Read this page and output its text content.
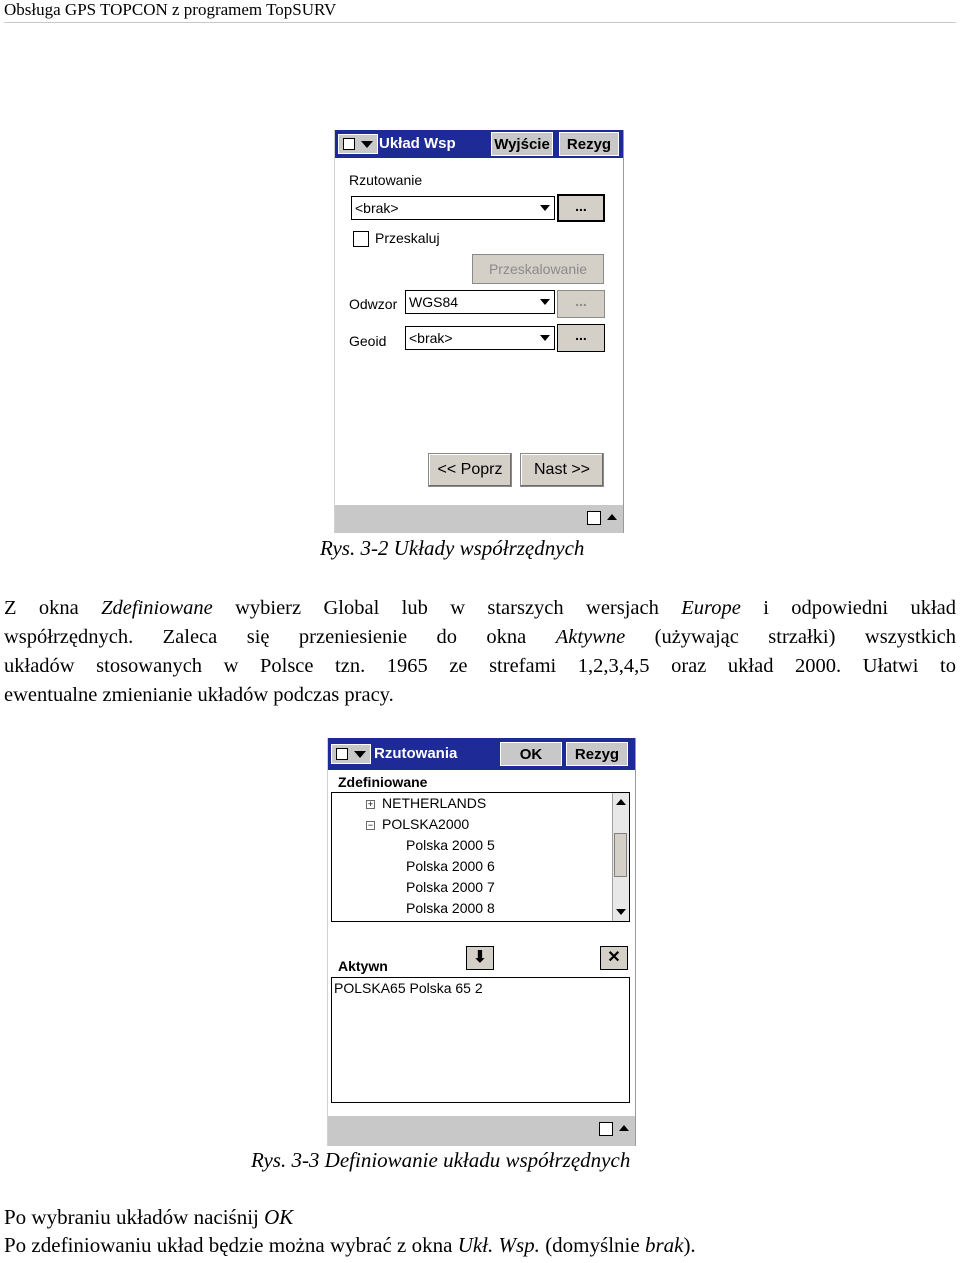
Obsługa GPS TOPCON z programem TopSURV
Układ Wsp	Wyjście	Rezyg
Rzutowanie
<brak>	...
Przeskaluj
Przeskalowanie
Odwzor WGS84	...
Geoid <brak>	...
<< Poprz	Nast >>
Rys. 3-2 Układy współrzędnych
Z okna Zdefiniowane wybierz Global lub w starszych wersjach Europe i odpowiedni układ
współrzędnych. Zaleca się przeniesienie do okna Aktywne (używając strzałki) wszystkich
układów stosowanych w Polsce tzn. 1965 ze strefami 1,2,3,4,5 oraz układ 2000. Ułatwi to
ewentualne zmienianie układów podczas pracy.
Rzutowania	OK	Rezyg
Zdefiniowane
+ NETHERLANDS
− POLSKA2000
Polska 2000 5
Polska 2000 6
Polska 2000 7
Polska 2000 8
Aktywn	⬇	✕
POLSKA65 Polska 65 2
Rys. 3-3 Definiowanie układu współrzędnych
Po wybraniu układów naciśnij OK
Po zdefiniowaniu układ będzie można wybrać z okna Ukł. Wsp. (domyślnie brak).
